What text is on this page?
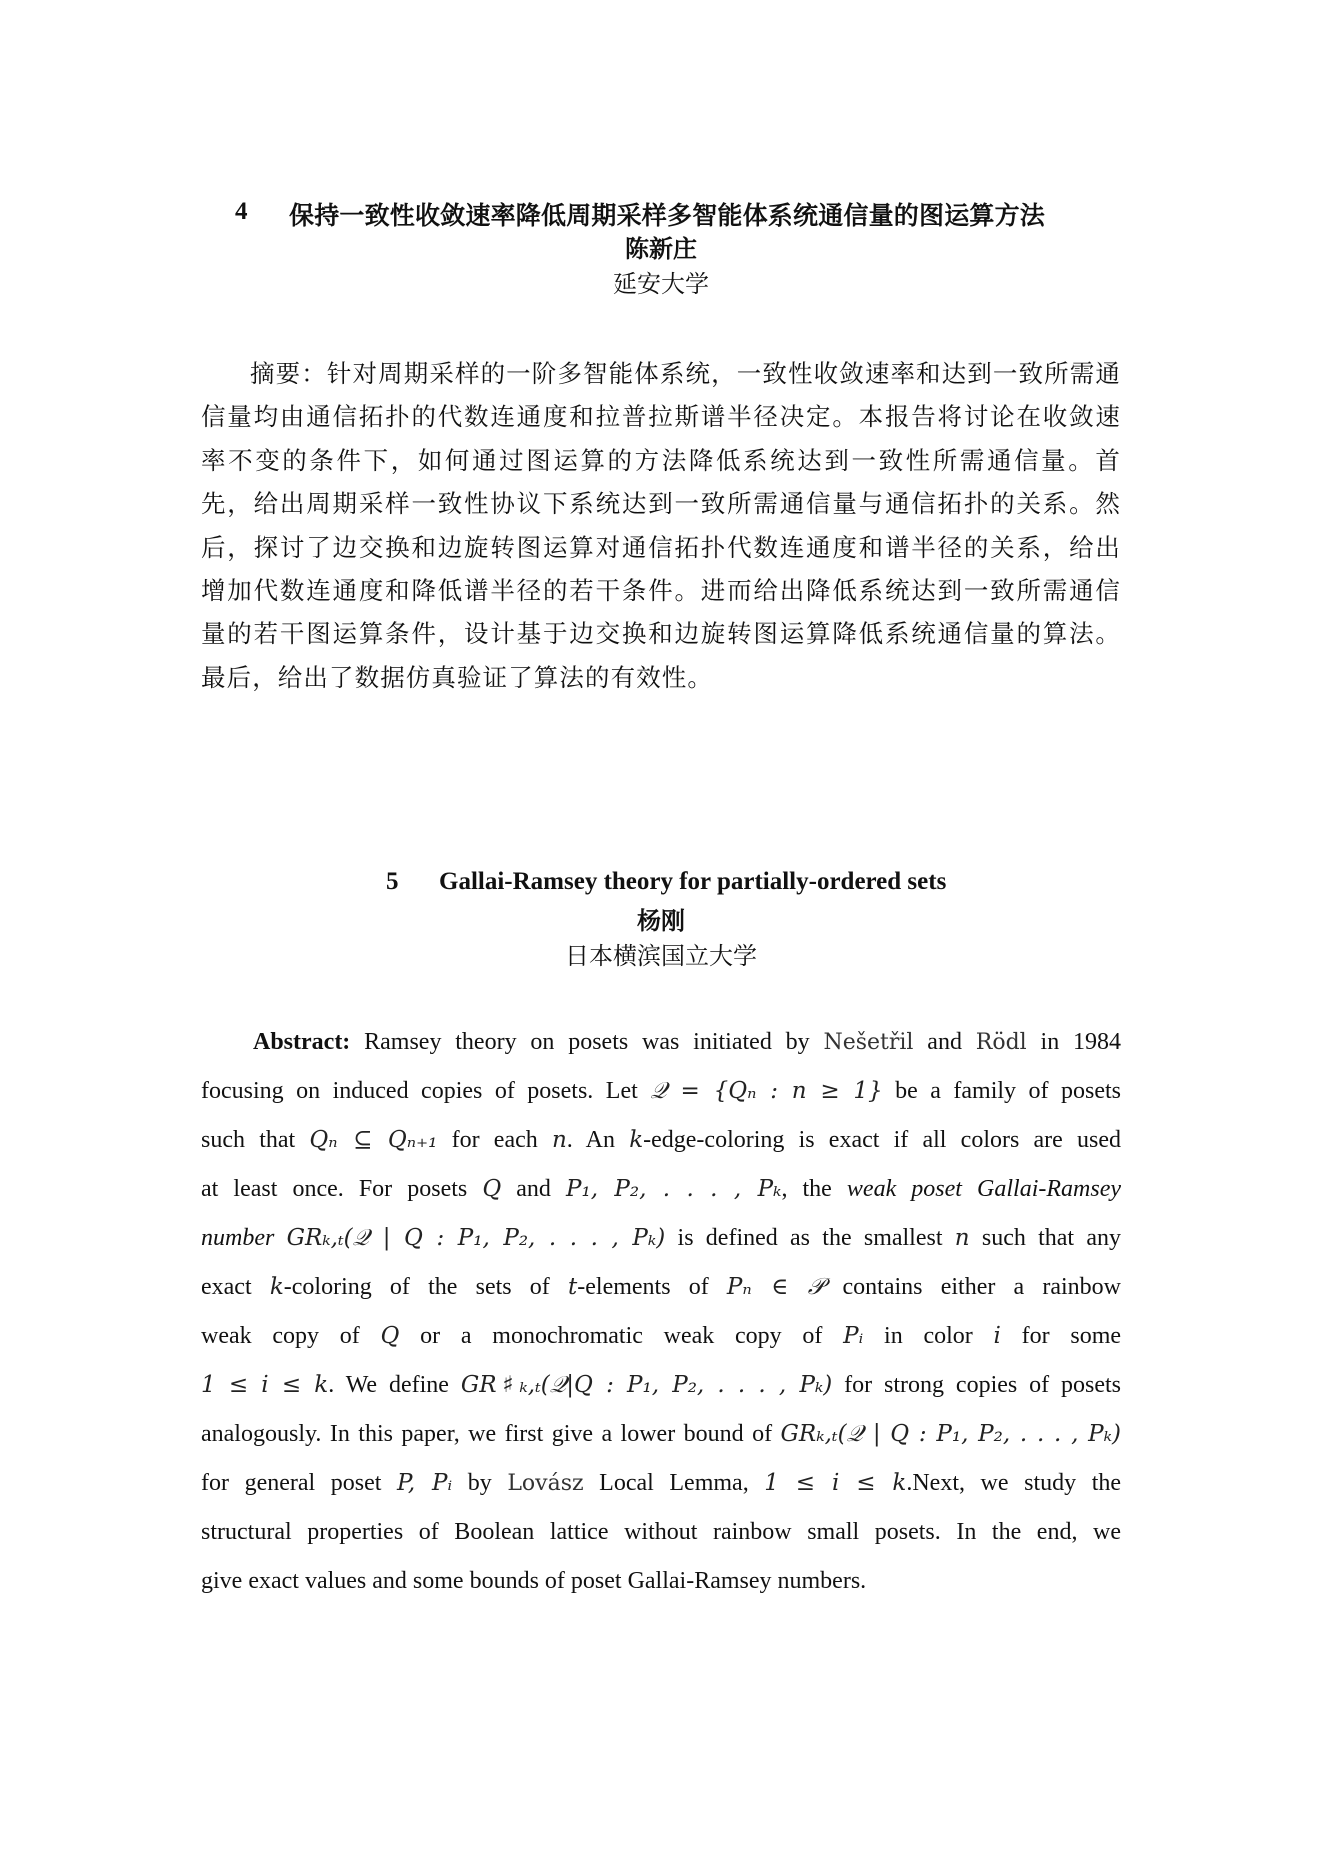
4 保持一致性收敛速率降低周期采样多智能体系统通信量的图运算方法
陈新庄
延安大学
摘要：针对周期采样的一阶多智能体系统，一致性收敛速率和达到一致所需通信量均由通信拓扑的代数连通度和拉普拉斯谱半径决定。本报告将讨论在收敛速率不变的条件下，如何通过图运算的方法降低系统达到一致性所需通信量。首先，给出周期采样一致性协议下系统达到一致所需通信量与通信拓扑的关系。然后，探讨了边交换和边旋转图运算对通信拓扑代数连通度和谱半径的关系，给出增加代数连通度和降低谱半径的若干条件。进而给出降低系统达到一致所需通信量的若干图运算条件，设计基于边交换和边旋转图运算降低系统通信量的算法。最后，给出了数据仿真验证了算法的有效性。
5 Gallai-Ramsey theory for partially-ordered sets
杨刚
日本横滨国立大学
Abstract: Ramsey theory on posets was initiated by Nešetřil and Rödl in 1984
focusing on induced copies of posets. Let 𝒬 = {Qₙ : n ≥ 1} be a family of posets
such that Qₙ ⊆ Qₙ₊₁ for each n. An k-edge-coloring is exact if all colors are used
at least once. For posets Q and P₁, P₂, . . . , Pₖ, the weak poset Gallai-Ramsey
number GRₖ,ₜ(𝒬 | Q : P₁, P₂, . . . , Pₖ) is defined as the smallest n such that any
exact k-coloring of the sets of t-elements of Pₙ ∈ 𝒫 contains either a rainbow
weak copy of Q or a monochromatic weak copy of Pᵢ in color i for some
1 ≤ i ≤ k. We define GR♯ₖ,ₜ(𝒬|Q : P₁, P₂, . . . , Pₖ) for strong copies of posets
analogously. In this paper, we first give a lower bound of GRₖ,ₜ(𝒬 | Q : P₁, P₂, . . . , Pₖ)
for general poset P, Pᵢ by Lovász Local Lemma, 1 ≤ i ≤ k.Next, we study the
structural properties of Boolean lattice without rainbow small posets. In the end, we
give exact values and some bounds of poset Gallai-Ramsey numbers.
